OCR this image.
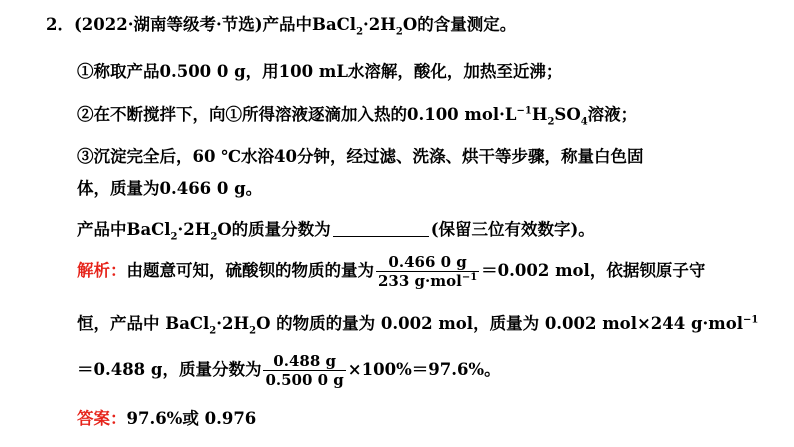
2．(2022·湖南等级考·节选)产品中$BaCl_2\cdot 2H_2O$的含量测定。
①称取产品0.500 0 g，用100 mL水溶解，酸化，加热至近沸；
②在不断搅拌下，向①所得溶液逐滴加入热的0.100 $mol\cdot L^{-1}H_2SO_4$溶液；
③沉淀完全后，60 ℃水浴40分钟，经过滤、洗涤、烘干等步骤，称量白色固
体，质量为0.466 0 g。
产品中$BaCl_2\cdot 2H_2O$的质量分数为	(保留三位有效数字)。
解析：由题意可知，硫酸钡的物质的量为 $\frac{0.466 0 g}{233 g\cdot mol^{-1}} =0.002$ mol，依据钡原子守
恒，产品中 $BaCl_2\cdot 2H_2O$ 的物质的量为 0.002 mol，质量为 0.002 mol×244 g·mol$^{-1}$
＝0.488 g，质量分数为 $\frac{0.488 g}{0.500 0 g} \times 100\%=97.6\%$。
答案：97.6%或 0.976
